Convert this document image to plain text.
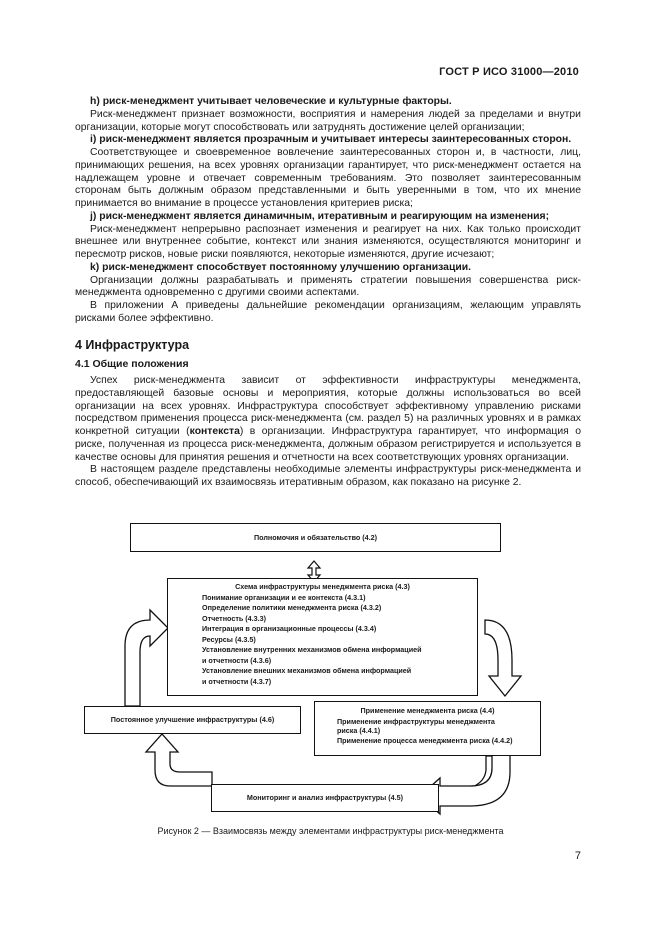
ГОСТ Р ИСО 31000—2010

h) риск-менеджмент учитывает человеческие и культурные факторы.

Риск-менеджмент признает возможности, восприятия и намерения людей за пределами и внутри организации, которые могут способствовать или затруднять достижение целей организации;

i) риск-менеджмент является прозрачным и учитывает интересы заинтересованных сторон.

Соответствующее и своевременное вовлечение заинтересованных сторон и, в частности, лиц, принимающих решения, на всех уровнях организации гарантирует, что риск-менеджмент остается на надлежащем уровне и отвечает современным требованиям. Это позволяет заинтересованным сторонам быть должным образом представленными и быть уверенными в том, что их мнение принимается во внимание в процессе установления критериев риска;

j) риск-менеджмент является динамичным, итеративным и реагирующим на изменения;

Риск-менеджмент непрерывно распознает изменения и реагирует на них. Как только происходит внешнее или внутреннее событие, контекст или знания изменяются, осуществляются мониторинг и пересмотр рисков, новые риски появляются, некоторые изменяются, другие исчезают;

k) риск-менеджмент способствует постоянному улучшению организации.

Организации должны разрабатывать и применять стратегии повышения совершенства риск-менеджмента одновременно с другими своими аспектами.

В приложении А приведены дальнейшие рекомендации организациям, желающим управлять рисками более эффективно.

4 Инфраструктура

4.1 Общие положения

Успех риск-менеджмента зависит от эффективности инфраструктуры менеджмента, предоставляющей базовые основы и мероприятия, которые должны использоваться во всей организации на всех уровнях. Инфраструктура способствует эффективному управлению рисками посредством применения процесса риск-менеджмента (см. раздел 5) на различных уровнях и в рамках конкретной ситуации (контекста) в организации. Инфраструктура гарантирует, что информация о риске, полученная из процесса риск-менеджмента, должным образом регистрируется и используется в качестве основы для принятия решения и отчетности на всех соответствующих уровнях организации.

В настоящем разделе представлены необходимые элементы инфраструктуры риск-менеджмента и способ, обеспечивающий их взаимосвязь итеративным образом, как показано на рисунке 2.

Полномочия и обязательство (4.2)
Схема инфраструктуры менеджмента риска (4.3)
Понимание организации и ее контекста (4.3.1)
Определение политики менеджмента риска (4.3.2)
Отчетность (4.3.3)
Интеграция в организационные процессы (4.3.4)
Ресурсы (4.3.5)
Установление внутренних механизмов обмена информацией
и отчетности (4.3.6)
Установление внешних механизмов обмена информацией
и отчетности (4.3.7)
Постоянное улучшение инфраструктуры (4.6)
Применение менеджмента риска (4.4)
Применение инфраструктуры менеджмента
риска (4.4.1)
Применение процесса менеджмента риска (4.4.2)
Мониторинг и анализ инфраструктуры (4.5)
Рисунок 2 — Взаимосвязь между элементами инфраструктуры риск-менеджмента
7
